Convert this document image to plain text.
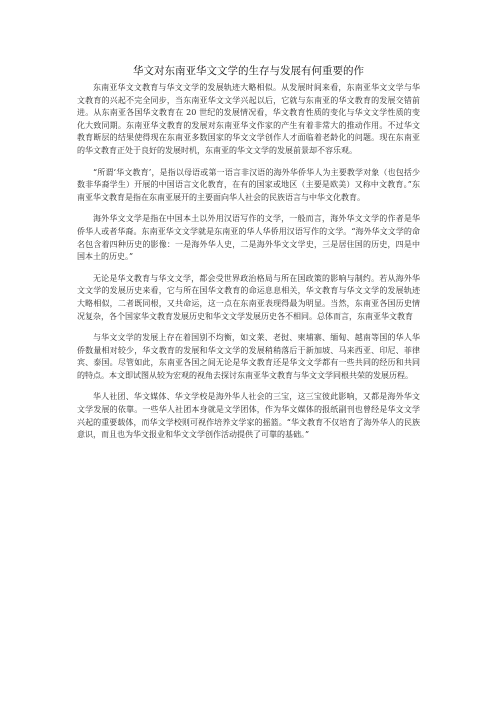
华文对东南亚华文文学的生存与发展有何重要的作

东南亚华文文教育与华文文学的发展轨迹大略相似。从发展时间来看，东南亚华文文学与华文教育的兴起不完全同步，当东南亚华文文学兴起以后，它就与东南亚的华文教育的发展交错前进。从东南亚各国华文教育在 20 世纪的发展情况看，华文教育性质的变化与华文文学性质的变化大致同期。东南亚华文教育的发展对东南亚华文作家的产生有着非常大的推动作用。不过华文教育断层的结果使得现在东南亚多数国家的华文文学创作人才面临着老龄化的问题。现在东南亚的华文教育正处于良好的发展时机，东南亚的华文文学的发展前景却不容乐观。

“所谓‘华文教育’，是指以母语或第一语言非汉语的海外华侨华人为主要教学对象（也包括少数非华裔学生）开展的中国语言文化教育，在有的国家或地区（主要是欧美）又称中文教育。”东南亚华文教育是指在东南亚展开的主要面向华人社会的民族语言与中华文化教育。

海外华文文学是指在中国本土以外用汉语写作的文学，一般而言，海外华文文学的作者是华侨华人或者华裔。东南亚华文文学就是东南亚的华人华侨用汉语写作的文学。“海外华文文学的命名包含着四种历史的影像：一是海外华人史，二是海外华文文学史，三是居住国的历史，四是中国本土的历史。”

无论是华文教育与华文文学，都会受世界政治格局与所在国政策的影响与制约。若从海外华文文学的发展历史来看，它与所在国华文教育的命运息息相关，华文教育与华文文学的发展轨迹大略相似，二者既同根，又共命运，这一点在东南亚表现得最为明显。当然，东南亚各国历史情况复杂，各个国家华文教育发展历史和华文文学发展历史各不相同。总体而言，东南亚华文教育

与华文文学的发展上存在着国别不均衡，如文莱、老挝、柬埔寨、缅甸、越南等国的华人华侨数量相对较少，华文教育的发展和华文文学的发展稍稍落后于新加坡、马来西亚、印尼、菲律宾、泰国。尽管如此，东南亚各国之间无论是华文教育还是华文文学都有一些共同的经历和共同的特点。本文即试图从较为宏观的视角去探讨东南亚华文教育与华文文学同根共荣的发展历程。

华人社团、华文媒体、华文学校是海外华人社会的三宝，这三宝彼此影响，又都是海外华文文学发展的依靠。一些华人社团本身就是文学团体，作为华文媒体的报纸副刊也曾经是华文文学兴起的重要载体，而华文学校则可视作培养文学家的摇篮。“华文教育不仅培育了海外华人的民族意识，而且也为华文报业和华文文学创作活动提供了可靠的基础。”
